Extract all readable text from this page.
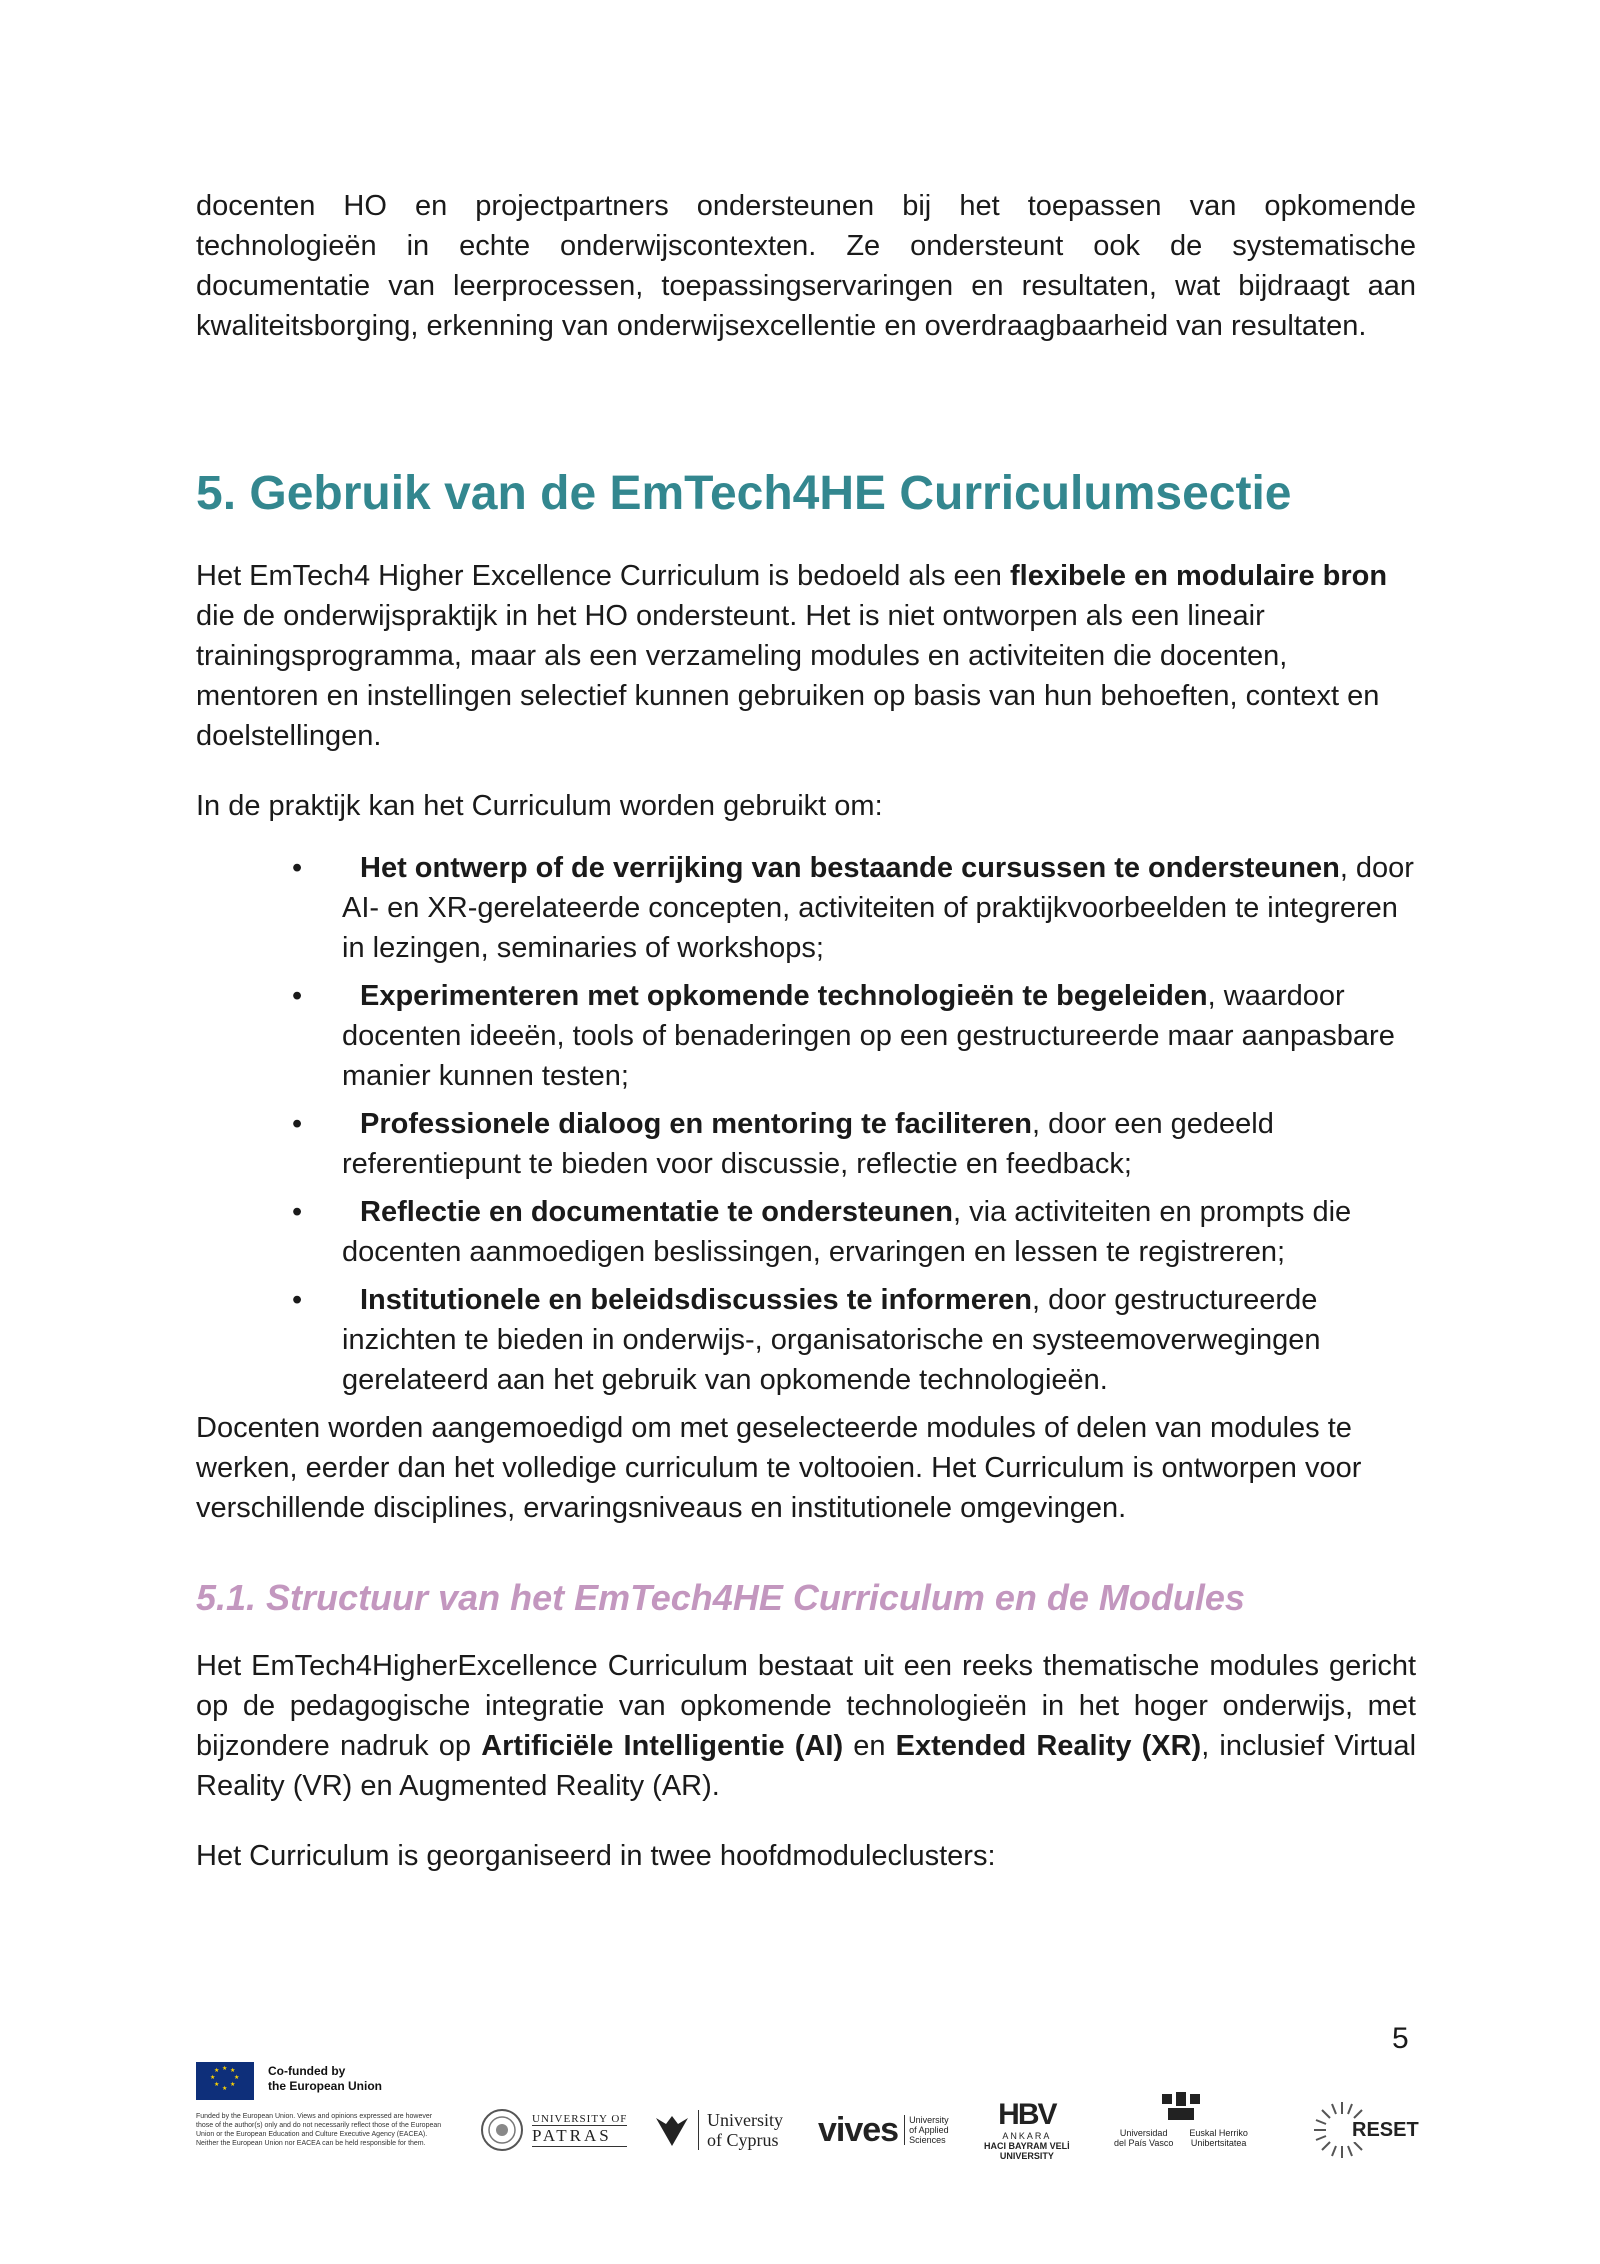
docenten HO en projectpartners ondersteunen bij het toepassen van opkomende technologieën in echte onderwijscontexten. Ze ondersteunt ook de systematische documentatie van leerprocessen, toepassingservaringen en resultaten, wat bijdraagt aan kwaliteitsborging, erkenning van onderwijsexcellentie en overdraagbaarheid van resultaten.

5. Gebruik van de EmTech4HE Curriculumsectie

Het EmTech4 Higher Excellence Curriculum is bedoeld als een flexibele en modulaire bron die de onderwijspraktijk in het HO ondersteunt. Het is niet ontworpen als een lineair trainingsprogramma, maar als een verzameling modules en activiteiten die docenten, mentoren en instellingen selectief kunnen gebruiken op basis van hun behoeften, context en doelstellingen.

In de praktijk kan het Curriculum worden gebruikt om:

• Het ontwerp of de verrijking van bestaande cursussen te ondersteunen, door AI- en XR-gerelateerde concepten, activiteiten of praktijkvoorbeelden te integreren in lezingen, seminaries of workshops;
• Experimenteren met opkomende technologieën te begeleiden, waardoor docenten ideeën, tools of benaderingen op een gestructureerde maar aanpasbare manier kunnen testen;
• Professionele dialoog en mentoring te faciliteren, door een gedeeld referentiepunt te bieden voor discussie, reflectie en feedback;
• Reflectie en documentatie te ondersteunen, via activiteiten en prompts die docenten aanmoedigen beslissingen, ervaringen en lessen te registreren;
• Institutionele en beleidsdiscussies te informeren, door gestructureerde inzichten te bieden in onderwijs-, organisatorische en systeemoverwegingen gerelateerd aan het gebruik van opkomende technologieën.

Docenten worden aangemoedigd om met geselecteerde modules of delen van modules te werken, eerder dan het volledige curriculum te voltooien. Het Curriculum is ontworpen voor verschillende disciplines, ervaringsniveaus en institutionele omgevingen.

5.1. Structuur van het EmTech4HE Curriculum en de Modules

Het EmTech4HigherExcellence Curriculum bestaat uit een reeks thematische modules gericht op de pedagogische integratie van opkomende technologieën in het hoger onderwijs, met bijzondere nadruk op Artificiële Intelligentie (AI) en Extended Reality (XR), inclusief Virtual Reality (VR) en Augmented Reality (AR).

Het Curriculum is georganiseerd in twee hoofdmoduleclusters:

5
★ ★
★
★
★
★
★
★	Co-funded by
the European Union
Funded by the European Union. Views and opinions expressed are however those of the author(s) only and do not necessarily reflect those of the European Union or the European Education and Culture Executive Agency (EACEA). Neither the European Union nor EACEA can be held responsible for them.
UNIVERSITY OF
PATRAS
University
of Cyprus vives University
of Applied
Sciences
HBV
ANKARA
HACI BAYRAM VELİ
UNIVERSITY
Universidad
del País Vasco
Euskal Herriko
Unibertsitatea
RESET
